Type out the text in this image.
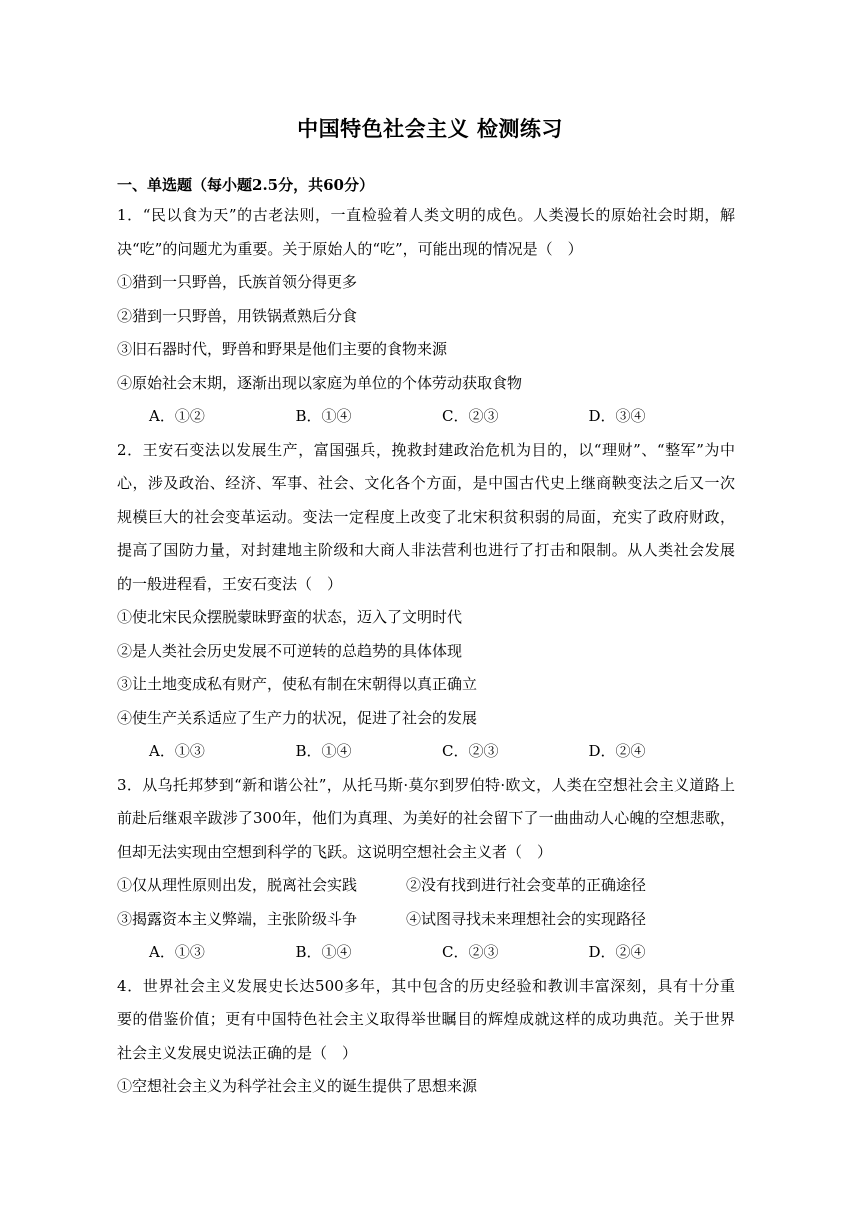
中国特色社会主义 检测练习
一、单选题（每小题2.5分，共60分）
1．“民以食为天”的古老法则，一直检验着人类文明的成色。人类漫长的原始社会时期，解
决“吃”的问题尤为重要。关于原始人的“吃”，可能出现的情况是（　）
①猎到一只野兽，氏族首领分得更多
②猎到一只野兽，用铁锅煮熟后分食
③旧石器时代，野兽和野果是他们主要的食物来源
④原始社会末期，逐渐出现以家庭为单位的个体劳动获取食物
A．①②	B．①④	C．②③	D．③④
2．王安石变法以发展生产，富国强兵，挽救封建政治危机为目的，以“理财”、“整军”为中
心，涉及政治、经济、军事、社会、文化各个方面，是中国古代史上继商鞅变法之后又一次
规模巨大的社会变革运动。变法一定程度上改变了北宋积贫积弱的局面，充实了政府财政，
提高了国防力量，对封建地主阶级和大商人非法营利也进行了打击和限制。从人类社会发展
的一般进程看，王安石变法（　）
①使北宋民众摆脱蒙昧野蛮的状态，迈入了文明时代
②是人类社会历史发展不可逆转的总趋势的具体体现
③让土地变成私有财产，使私有制在宋朝得以真正确立
④使生产关系适应了生产力的状况，促进了社会的发展
A．①③	B．①④	C．②③	D．②④
3．从乌托邦梦到“新和谐公社”，从托马斯·莫尔到罗伯特·欧文，人类在空想社会主义道路上
前赴后继艰辛跋涉了300年，他们为真理、为美好的社会留下了一曲曲动人心魄的空想悲歌，
但却无法实现由空想到科学的飞跃。这说明空想社会主义者（　）
①仅从理性原则出发，脱离社会实践	②没有找到进行社会变革的正确途径
③揭露资本主义弊端，主张阶级斗争	④试图寻找未来理想社会的实现路径
A．①③	B．①④	C．②③	D．②④
4．世界社会主义发展史长达500多年，其中包含的历史经验和教训丰富深刻，具有十分重
要的借鉴价值；更有中国特色社会主义取得举世瞩目的辉煌成就这样的成功典范。关于世界
社会主义发展史说法正确的是（　）
①空想社会主义为科学社会主义的诞生提供了思想来源
